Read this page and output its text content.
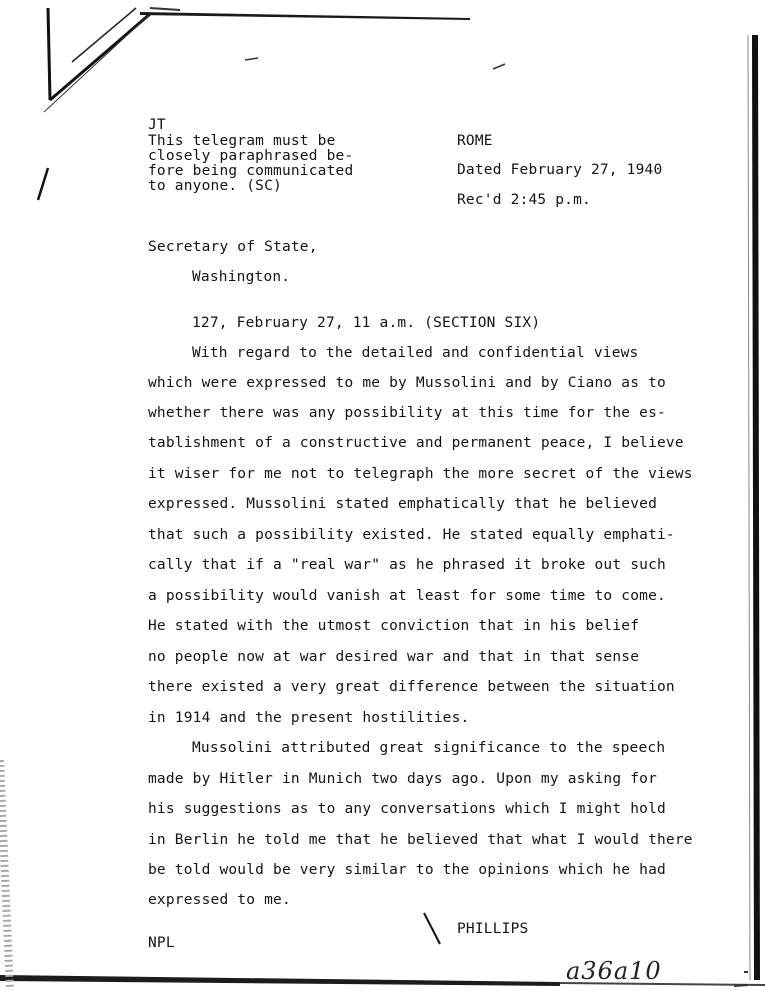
JT
This telegram must be
closely paraphrased be-
fore being communicated
to anyone. (SC)
ROME
Dated February 27, 1940
Rec'd 2:45 p.m.
Secretary of State,
Washington.
127, February 27, 11 a.m. (SECTION SIX)
With regard to the detailed and confidential views
which were expressed to me by Mussolini and by Ciano as to
whether there was any possibility at this time for the es-
tablishment of a constructive and permanent peace, I believe
it wiser for me not to telegraph the more secret of the views
expressed. Mussolini stated emphatically that he believed
that such a possibility existed. He stated equally emphati-
cally that if a "real war" as he phrased it broke out such
a possibility would vanish at least for some time to come.
He stated with the utmost conviction that in his belief
no people now at war desired war and that in that sense
there existed a very great difference between the situation
in 1914 and the present hostilities.
Mussolini attributed great significance to the speech
made by Hitler in Munich two days ago. Upon my asking for
his suggestions as to any conversations which I might hold
in Berlin he told me that he believed that what I would there
be told would be very similar to the opinions which he had
expressed to me.
PHILLIPS
NPL
a36a10
